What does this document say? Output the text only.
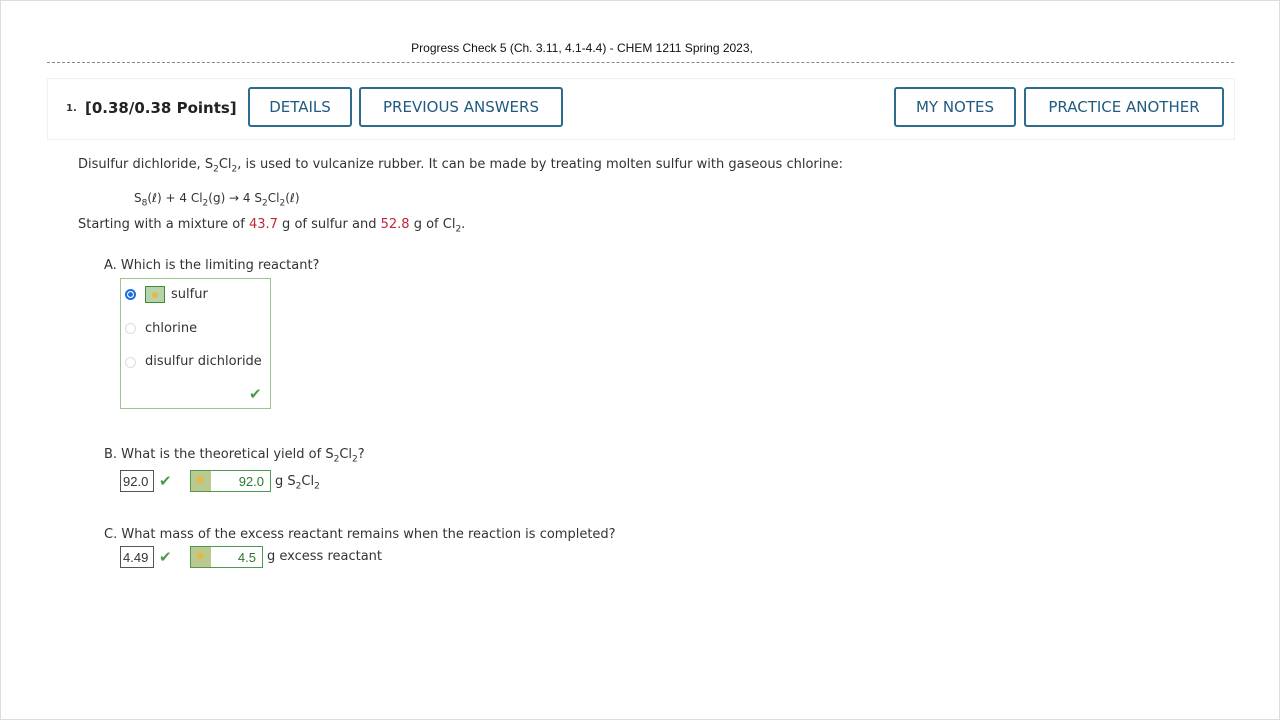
Progress Check 5 (Ch. 3.11, 4.1-4.4) - CHEM 1211 Spring 2023,
1. [0.38/0.38 Points]	DETAILS	PREVIOUS ANSWERS	MY NOTES	PRACTICE ANOTHER
Disulfur dichloride, $S_2Cl_2$, is used to vulcanize rubber. It can be made by treating molten sulfur with gaseous chlorine:
$S_8(\ell) + 4$ $Cl_2(g) \to 4$ $S_2Cl_2(\ell)$
Starting with a mixture of 43.7 g of sulfur and 52.8 g of $Cl_2$.
A. Which is the limiting reactant?
sulfur
chlorine
disulfur dichloride
✔
B. What is the theoretical yield of $S_2Cl_2$?
92.0 ✔	92.0 g $S_2Cl_2$
C. What mass of the excess reactant remains when the reaction is completed?
4.49 ✔	4.5 g excess reactant
